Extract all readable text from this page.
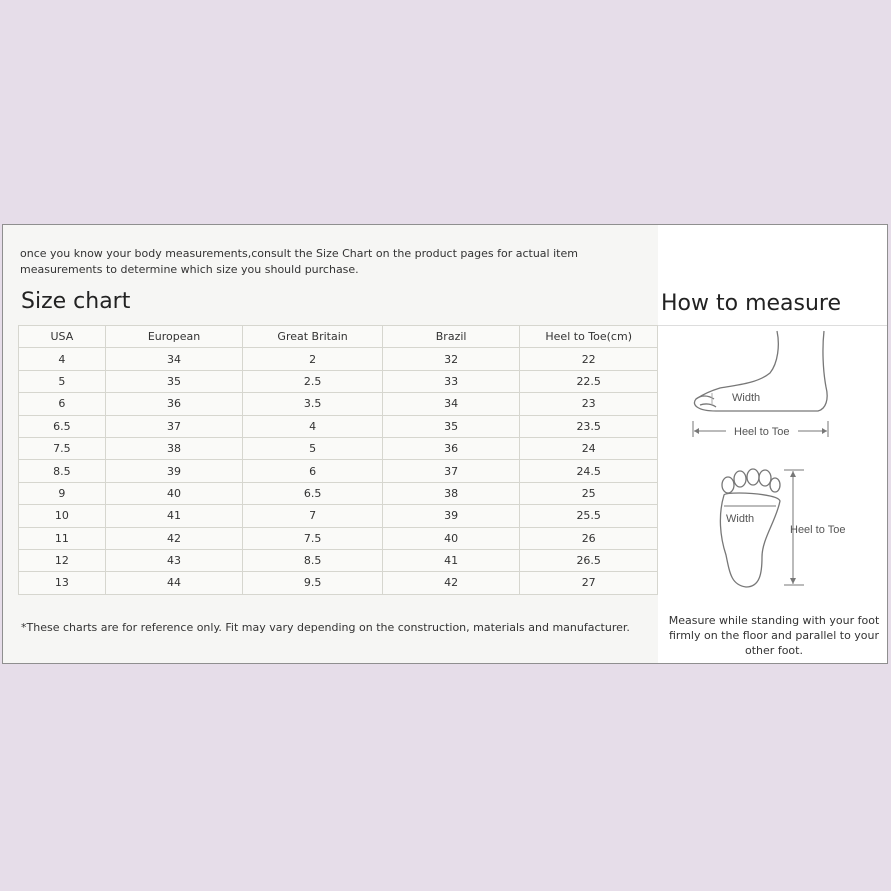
once you know your body measurements,consult the Size Chart on the product pages for actual item measurements to determine which size you should purchase.
Size chart
USA	European	Great Britain	Brazil	Heel to Toe(cm)
4	34	2	32	22
5	35	2.5	33	22.5
6	36	3.5	34	23
6.5	37	4	35	23.5
7.5	38	5	36	24
8.5	39	6	37	24.5
9	40	6.5	38	25
10	41	7	39	25.5
11	42	7.5	40	26
12	43	8.5	41	26.5
13	44	9.5	42	27
*These charts are for reference only. Fit may vary depending on the construction, materials and manufacturer.
How to measure
Width
Heel to Toe
Width
Heel to Toe
Measure while standing with your foot firmly on the floor and parallel to your other foot.
